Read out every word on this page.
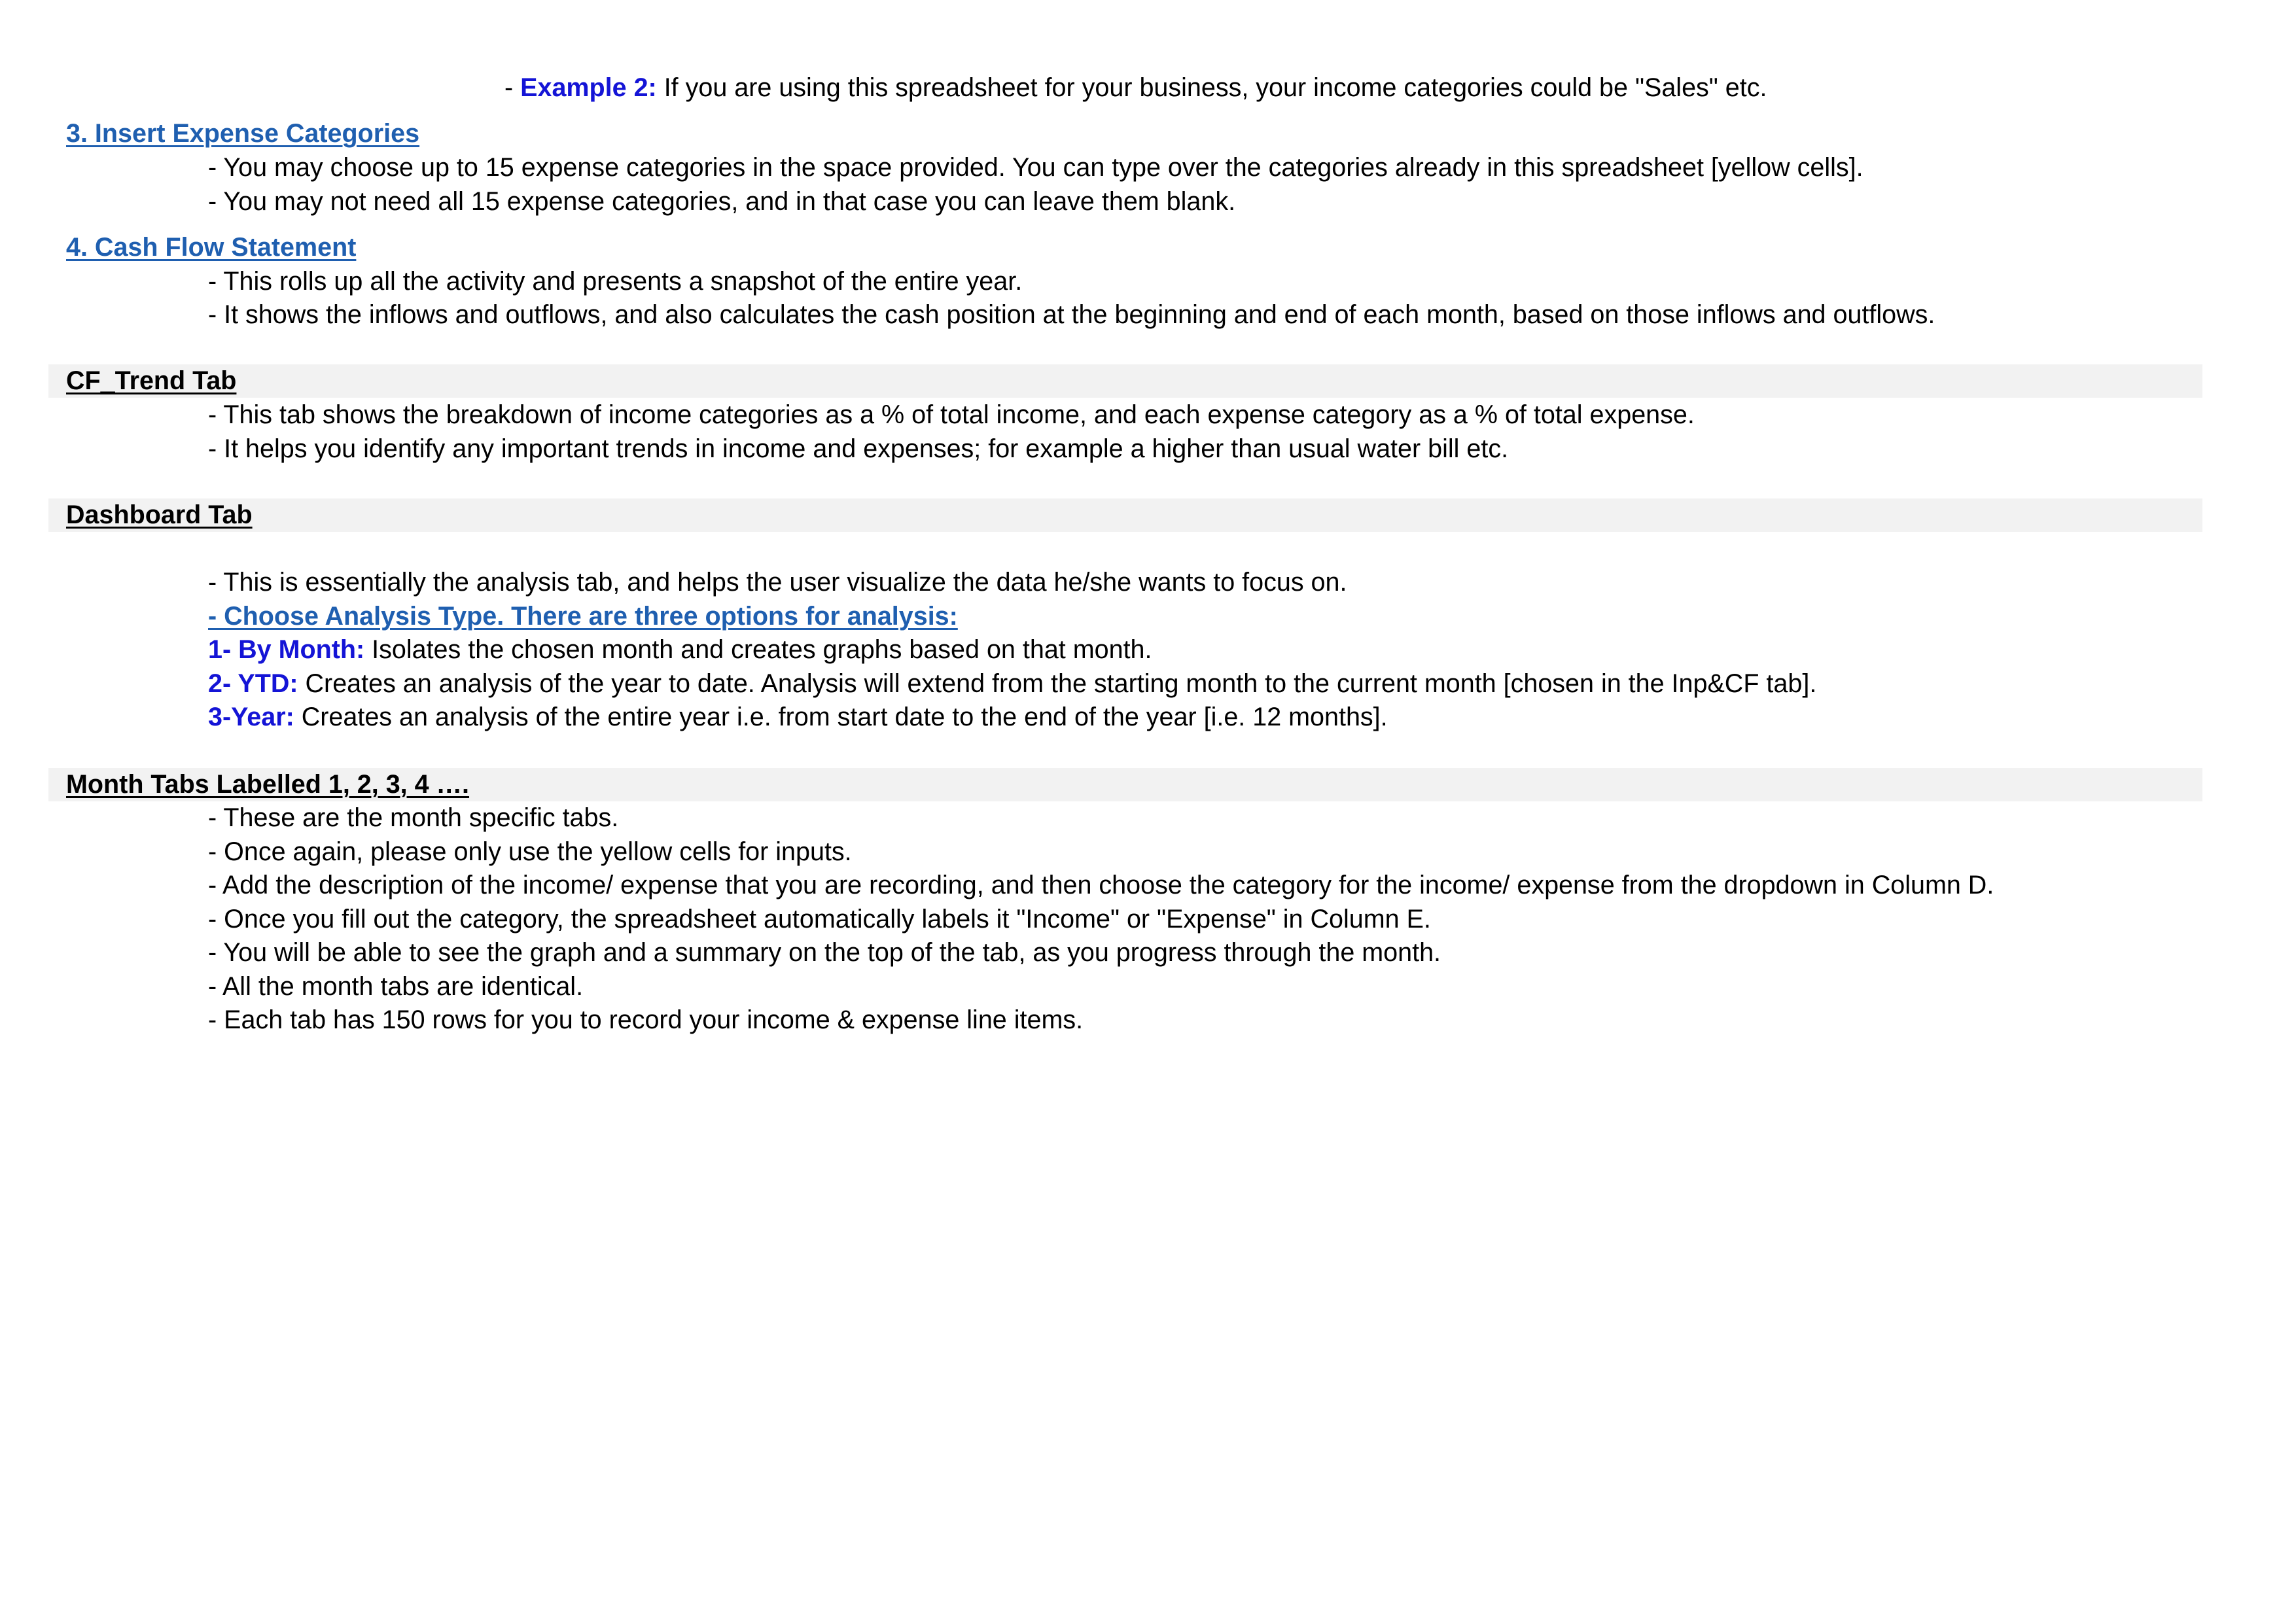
- Example 2: If you are using this spreadsheet for your business, your income categories could be "Sales" etc.
3. Insert Expense Categories
- You may choose up to 15 expense categories in the space provided. You can type over the categories already in this spreadsheet [yellow cells].
- You may not need all 15 expense categories, and in that case you can leave them blank.
4. Cash Flow Statement
- This rolls up all the activity and presents a snapshot of the entire year.
- It shows the inflows and outflows, and also calculates the cash position at the beginning and end of each month, based on those inflows and outflows.
CF_Trend Tab
- This tab shows the breakdown of income categories as a % of total income, and each expense category as a % of total expense.
- It helps you identify any important trends in income and expenses; for example a higher than usual water bill etc.
Dashboard Tab
- This is essentially the analysis tab, and helps the user visualize the data he/she wants to focus on.
- Choose Analysis Type. There are three options for analysis:
1- By Month: Isolates the chosen month and creates graphs based on that month.
2- YTD: Creates an analysis of the year to date. Analysis will extend from the starting month to the current month [chosen in the Inp&CF tab].
3-Year: Creates an analysis of the entire year i.e. from start date to the end of the year [i.e. 12 months].
Month Tabs Labelled 1, 2, 3, 4 ….
- These are the month specific tabs.
- Once again, please only use the yellow cells for inputs.
- Add the description of the income/ expense that you are recording, and then choose the category for the income/ expense from the dropdown in Column D.
- Once you fill out the category, the spreadsheet automatically labels it "Income" or "Expense" in Column E.
- You will be able to see the graph and a summary on the top of the tab, as you progress through the month.
- All the month tabs are identical.
- Each tab has 150 rows for you to record your income & expense line items.
